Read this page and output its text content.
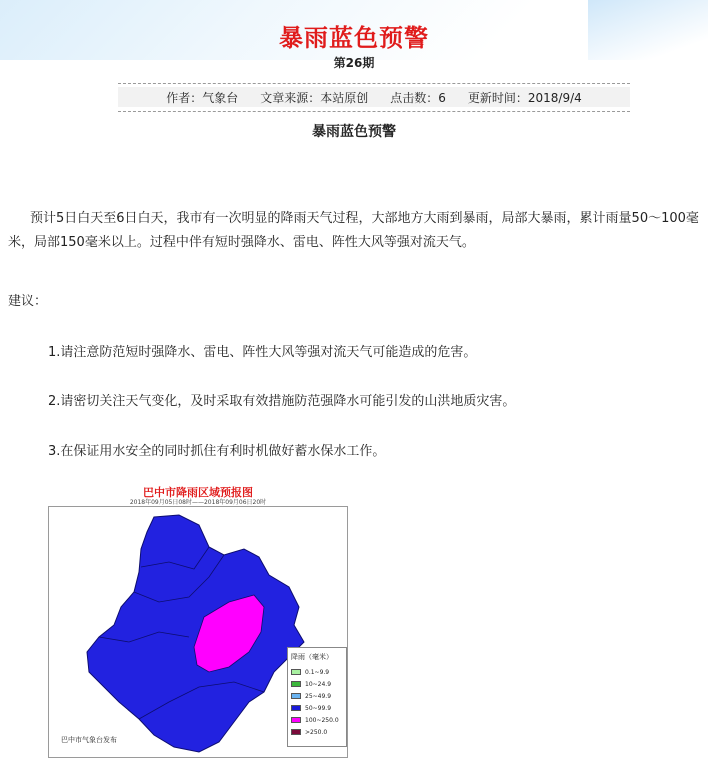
暴雨蓝色预警
第26期
作者：气象台 文章来源：本站原创 点击数：6 更新时间：2018/9/4
暴雨蓝色预警
预计5日白天至6日白天，我市有一次明显的降雨天气过程，大部地方大雨到暴雨，局部大暴雨，累计雨量50～100毫米，局部150毫米以上。过程中伴有短时强降水、雷电、阵性大风等强对流天气。
建议：
1.请注意防范短时强降水、雷电、阵性大风等强对流天气可能造成的危害。
2.请密切关注天气变化，及时采取有效措施防范强降水可能引发的山洪地质灾害。
3.在保证用水安全的同时抓住有利时机做好蓄水保水工作。
巴中市降雨区域预报图
2018年09月05日08时——2018年09月06日20时
降雨（毫米）
0.1~9.9
10~24.9
25~49.9
50~99.9
100~250.0
>250.0
巴中市气象台发布
